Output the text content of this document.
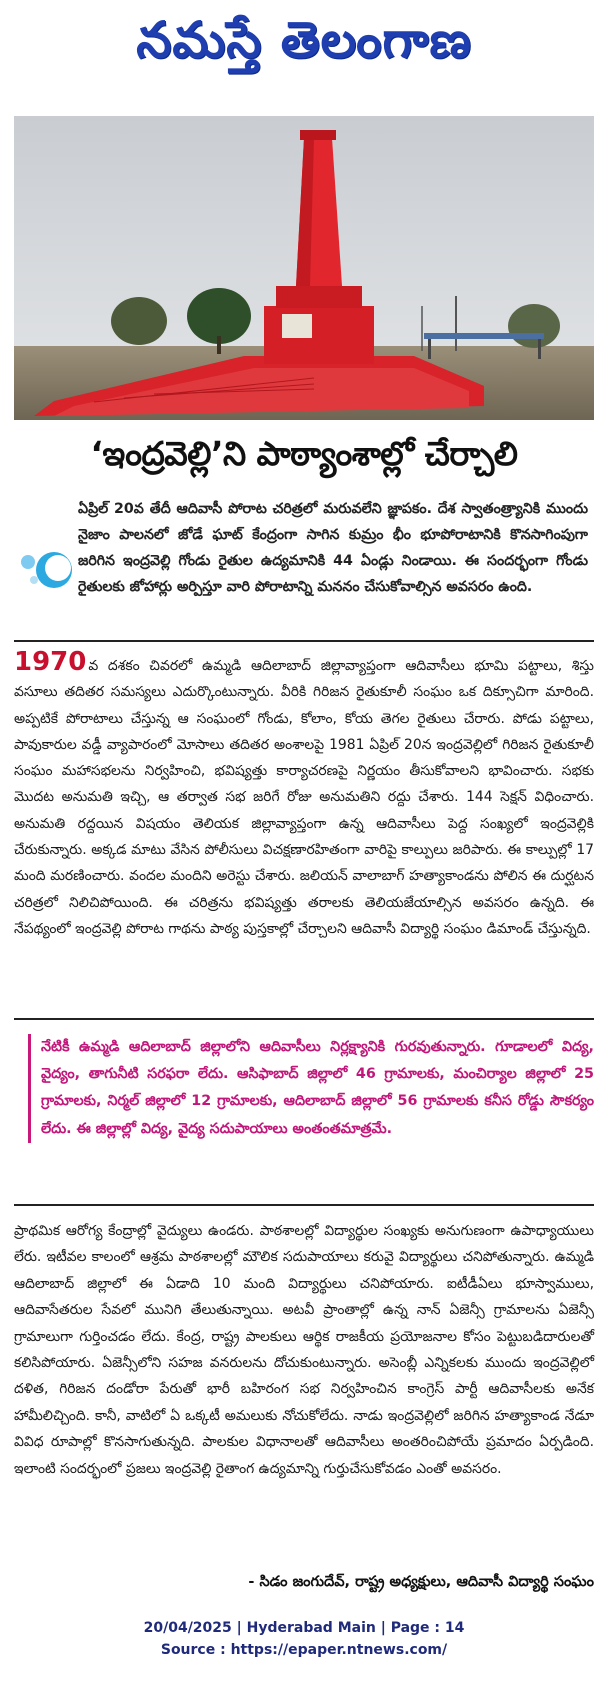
నమస్తే తెలంగాణ
‘ఇంద్రవెల్లి’ని పాఠ్యాంశాల్లో చేర్చాలి

ఏప్రిల్ 20వ తేదీ ఆదివాసీ పోరాట చరిత్రలో మరువలేని జ్ఞాపకం. దేశ స్వాతంత్ర్యానికి ముందు నైజాం పాలనలో జోడే ఘాట్ కేంద్రంగా సాగిన కుమ్రం భీం భూపోరాటానికి కొనసాగింపుగా జరిగిన ఇంద్రవెల్లి గోండు రైతుల ఉద్యమానికి 44 ఏండ్లు నిండాయి. ఈ సందర్భంగా గోండు రైతులకు జోహార్లు అర్పిస్తూ వారి పోరాటాన్ని మననం చేసుకోవాల్సిన అవసరం ఉంది.

1970 వ దశకం చివరలో ఉమ్మడి ఆదిలాబాద్ జిల్లావ్యాప్తంగా ఆదివాసీలు భూమి పట్టాలు, శిస్తు వసూలు తదితర సమస్యలు ఎదుర్కొంటున్నారు. వీరికి గిరిజన రైతుకూలీ సంఘం ఒక దిక్సూచిగా మారింది. అప్పటికే పోరాటాలు చేస్తున్న ఆ సంఘంలో గోండు, కోలాం, కోయ తెగల రైతులు చేరారు. పోడు పట్టాలు, పావుకారుల వడ్డీ వ్యాపారంలో మోసాలు తదితర అంశాలపై 1981 ఏప్రిల్ 20న ఇంద్రవెల్లిలో గిరిజన రైతుకూలీ సంఘం మహాసభలను నిర్వహించి, భవిష్యత్తు కార్యాచరణపై నిర్ణయం తీసుకోవాలని భావించారు. సభకు మొదట అనుమతి ఇచ్చి, ఆ తర్వాత సభ జరిగే రోజు అనుమతిని రద్దు చేశారు. 144 సెక్షన్ విధించారు. అనుమతి రద్దయిన విషయం తెలియక జిల్లావ్యాప్తంగా ఉన్న ఆదివాసీలు పెద్ద సంఖ్యలో ఇంద్రవెల్లికి చేరుకున్నారు. అక్కడ మాటు వేసిన పోలీసులు విచక్షణారహితంగా వారిపై కాల్పులు జరిపారు. ఈ కాల్పుల్లో 17 మంది మరణించారు. వందల మందిని అరెస్టు చేశారు. జలియన్ వాలాబాగ్ హత్యాకాండను పోలిన ఈ దుర్ఘటన చరిత్రలో నిలిచిపోయింది. ఈ చరిత్రను భవిష్యత్తు తరాలకు తెలియజేయాల్సిన అవసరం ఉన్నది. ఈ నేపథ్యంలో ఇంద్రవెల్లి పోరాట గాథను పాఠ్య పుస్తకాల్లో చేర్చాలని ఆదివాసీ విద్యార్థి సంఘం డిమాండ్ చేస్తున్నది.

నేటికీ ఉమ్మడి ఆదిలాబాద్ జిల్లాలోని ఆదివాసీలు నిర్లక్ష్యానికి గురవుతున్నారు. గూడాలలో విద్య, వైద్యం, తాగునీటి సరఫరా లేదు. ఆసిఫాబాద్ జిల్లాలో 46 గ్రామాలకు, మంచిర్యాల జిల్లాలో 25 గ్రామాలకు, నిర్మల్ జిల్లాలో 12 గ్రామాలకు, ఆదిలాబాద్ జిల్లాలో 56 గ్రామాలకు కనీస రోడ్డు సౌకర్యం లేదు. ఈ జిల్లాల్లో విద్య, వైద్య సదుపాయాలు అంతంతమాత్రమే.

ప్రాథమిక ఆరోగ్య కేంద్రాల్లో వైద్యులు ఉండరు. పాఠశాలల్లో విద్యార్థుల సంఖ్యకు అనుగుణంగా ఉపాధ్యాయులు లేరు. ఇటీవల కాలంలో ఆశ్రమ పాఠశాలల్లో మౌలిక సదుపాయాలు కరువై విద్యార్థులు చనిపోతున్నారు. ఉమ్మడి ఆదిలాబాద్ జిల్లాలో ఈ ఏడాది 10 మంది విద్యార్థులు చనిపోయారు. ఐటీడీఏలు భూస్వాములు, ఆదివాసేతరుల సేవలో మునిగి తేలుతున్నాయి. అటవీ ప్రాంతాల్లో ఉన్న నాన్ ఏజెన్సీ గ్రామాలను ఏజెన్సీ గ్రామాలుగా గుర్తించడం లేదు. కేంద్ర, రాష్ట్ర పాలకులు ఆర్థిక రాజకీయ ప్రయోజనాల కోసం పెట్టుబడిదారులతో కలిసిపోయారు. ఏజెన్సీలోని సహజ వనరులను దోచుకుంటున్నారు. అసెంబ్లీ ఎన్నికలకు ముందు ఇంద్రవెల్లిలో దళిత, గిరిజన దండోరా పేరుతో భారీ బహిరంగ సభ నిర్వహించిన కాంగ్రెస్ పార్టీ ఆదివాసీలకు అనేక హామీలిచ్చింది. కానీ, వాటిలో ఏ ఒక్కటీ అమలుకు నోచుకోలేదు. నాడు ఇంద్రవెల్లిలో జరిగిన హత్యాకాండ నేడూ వివిధ రూపాల్లో కొనసాగుతున్నది. పాలకుల విధానాలతో ఆదివాసీలు అంతరించిపోయే ప్రమాదం ఏర్పడింది. ఇలాంటి సందర్భంలో ప్రజలు ఇంద్రవెల్లి రైతాంగ ఉద్యమాన్ని గుర్తుచేసుకోవడం ఎంతో అవసరం.

- సిడం జంగుదేవ్, రాష్ట్ర అధ్యక్షులు, ఆదివాసీ విద్యార్థి సంఘం
20/04/2025 | Hyderabad Main | Page : 14
Source : https://epaper.ntnews.com/
